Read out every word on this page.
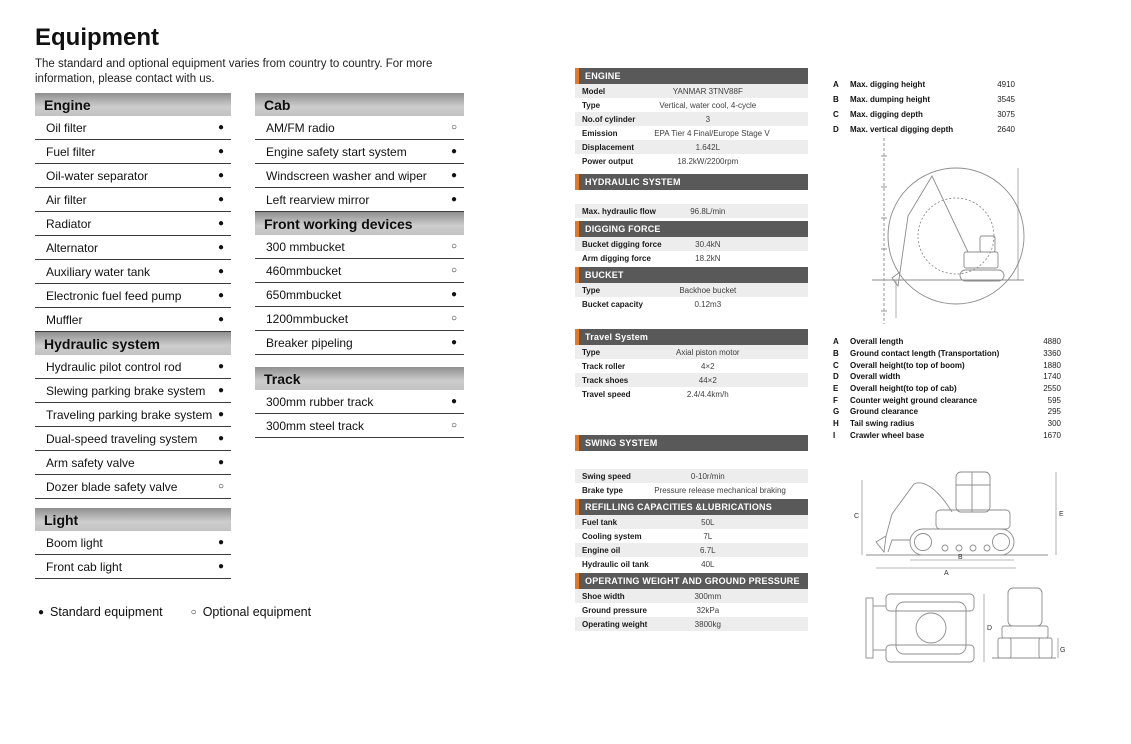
Equipment

The standard and optional equipment varies from country to country. For more information, please contact with us.

Engine
Oil filter	●
Fuel filter	●
Oil-water separator	●
Air filter	●
Radiator	●
Alternator	●
Auxiliary water tank	●
Electronic fuel feed pump	●
Muffler	●
Hydraulic system
Hydraulic pilot control rod	●
Slewing parking brake system ●
Traveling parking brake system ●
Dual-speed traveling system ●
Arm safety valve	●
Dozer blade safety valve	○
Light
Boom light	●
Front cab light	●
Cab
AM/FM radio	○
Engine safety start system	●
Windscreen washer and wiper ●
Left rearview mirror	●
Front working devices
300 mmbucket	○
460mmbucket	○
650mmbucket	●
1200mmbucket	○
Breaker pipeling	●
Track
300mm rubber track	●
300mm steel track	○
● Standard equipment	○ Optional equipment
ENGINE
Model	YANMAR 3TNV88F
Type	Vertical, water cool, 4-cycle
No.of cylinder	3
Emission	EPA Tier 4 Final/Europe Stage V
Displacement	1.642L
Power output	18.2kW/2200rpm
HYDRAULIC SYSTEM
Max. hydraulic flow	96.8L/min
DIGGING FORCE
Bucket digging force	30.4kN
Arm digging force	18.2kN
BUCKET
Type	Backhoe bucket
Bucket capacity	0.12m3
Travel System
Type	Axial piston motor
Track roller	4×2
Track shoes	44×2
Travel speed	2.4/4.4km/h
SWING SYSTEM
Swing speed	0-10r/min
Brake type	Pressure release mechanical braking
REFILLING CAPACITIES &LUBRICATIONS
Fuel tank	50L
Cooling system	7L
Engine oil	6.7L
Hydraulic oil tank	40L
OPERATING WEIGHT AND GROUND PRESSURE
Shoe width	300mm
Ground pressure	32kPa
Operating weight	3800kg
A	Max. digging height	4910
B	Max. dumping height	3545
C	Max. digging depth	3075
D	Max. vertical digging depth	2640
A	Overall length	4880
B	Ground contact length (Transportation)	3360
C	Overall height(to top of boom)	1880
D	Overall width	1740
E	Overall height(to top of cab)	2550
F	Counter weight ground clearance	595
G	Ground clearance	295
H	Tail swing radius	300
I	Crawler wheel base	1670
B
A
E
C
D
G
